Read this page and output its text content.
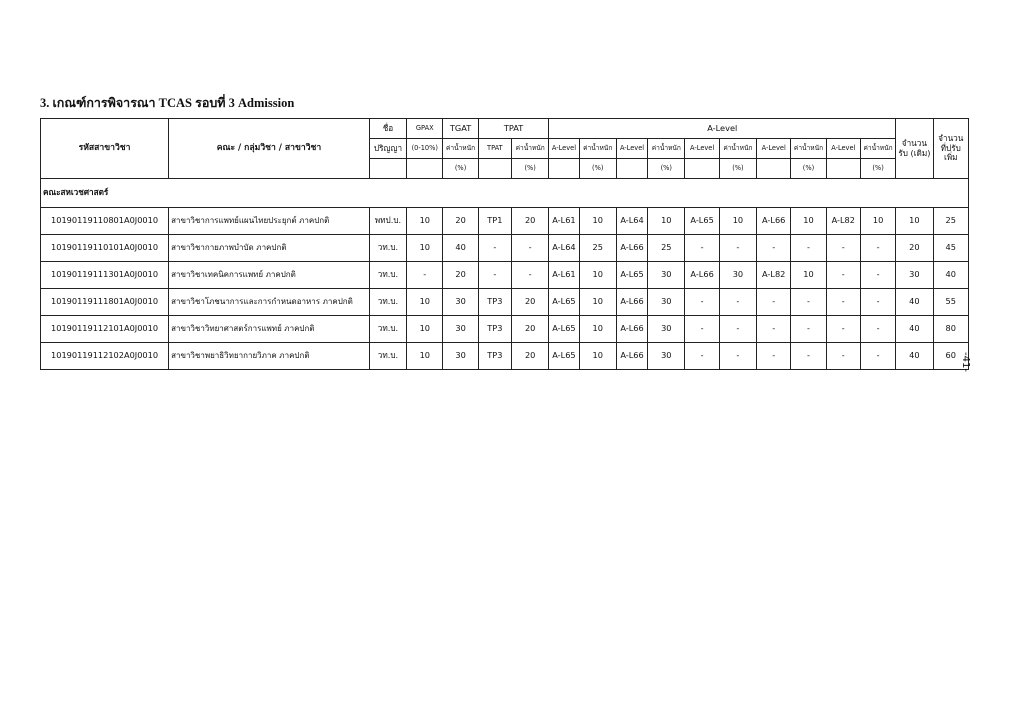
3. เกณฑ์การพิจารณา TCAS รอบที่ 3 Admission
รหัสสาขาวิชา	คณะ / กลุ่มวิชา / สาขาวิชา	ชื่อ	GPAX	TGAT	TPAT		A-Level										จำนวนรับ (เดิม)	จำนวนที่ปรับเพิ่ม
		ปริญญา	(0-10%)	ค่าน้ำหนัก	TPAT	ค่าน้ำหนัก	A-Level	ค่าน้ำหนัก	A-Level	ค่าน้ำหนัก	A-Level	ค่าน้ำหนัก	A-Level	ค่าน้ำหนัก	A-Level	ค่าน้ำหนัก		
				(%)		(%)		(%)		(%)		(%)		(%)		(%)		
คณะสหเวชศาสตร์																		
10190119110801A0J0010	สาขาวิชาการแพทย์แผนไทยประยุกต์ ภาคปกติ	พทป.บ.	10	20	TP1	20	A-L61	10	A-L64	10	A-L65	10	A-L66	10	A-L82	10	10	25
10190119110101A0J0010	สาขาวิชากายภาพบำบัด ภาคปกติ	วท.บ.	10	40	-	-	A-L64	25	A-L66	25	-	-	-	-	-	-	20	45
10190119111301A0J0010	สาขาวิชาเทคนิคการแพทย์ ภาคปกติ	วท.บ.	-	20	-	-	A-L61	10	A-L65	30	A-L66	30	A-L82	10	-	-	30	40
10190119111801A0J0010	สาขาวิชาโภชนาการและการกำหนดอาหาร ภาคปกติ	วท.บ.	10	30	TP3	20	A-L65	10	A-L66	30	-	-	-	-	-	-	40	55
10190119112101A0J0010	สาขาวิชาวิทยาศาสตร์การแพทย์ ภาคปกติ	วท.บ.	10	30	TP3	20	A-L65	10	A-L66	30	-	-	-	-	-	-	40	80
10190119112102A0J0010	สาขาวิชาพยาธิวิทยากายวิภาค ภาคปกติ	วท.บ.	10	30	TP3	20	A-L65	10	A-L66	30	-	-	-	-	-	-	40	60 -41-
